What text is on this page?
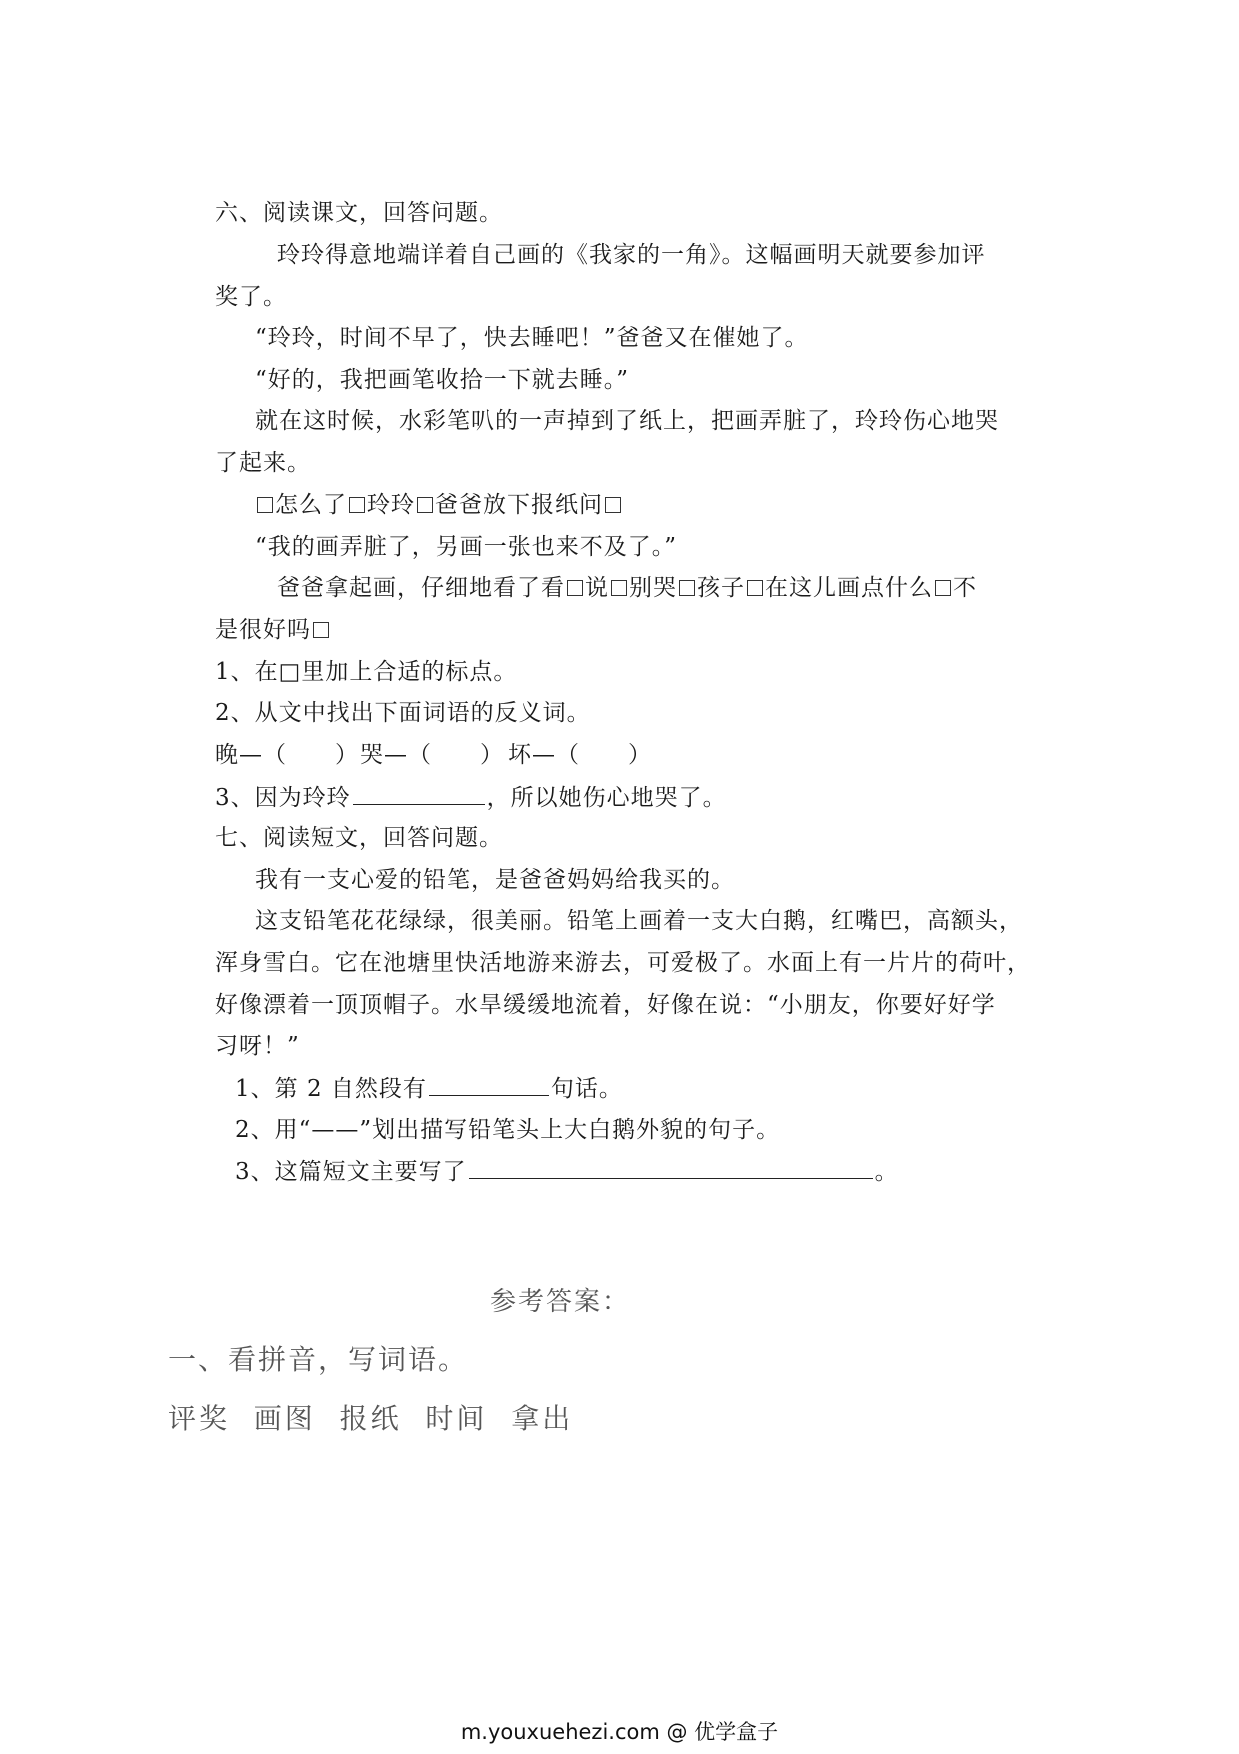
六、阅读课文，回答问题。
玲玲得意地端详着自己画的《我家的一角》。这幅画明天就要参加评
奖了。
“玲玲，时间不早了，快去睡吧！”爸爸又在催她了。
“好的，我把画笔收拾一下就去睡。”
就在这时候，水彩笔叭的一声掉到了纸上，把画弄脏了，玲玲伤心地哭
了起来。
怎么了 玲玲 爸爸放下报纸问
“我的画弄脏了，另画一张也来不及了。”
爸爸拿起画，仔细地看了看 说 别哭 孩子 在这儿画点什么 不
是很好吗
1、在□里加上合适的标点。
2、从文中找出下面词语的反义词。
晚—（　　） 哭—（　　） 坏—（　　）
3、因为玲玲	，所以她伤心地哭了。
七、阅读短文，回答问题。
我有一支心爱的铅笔，是爸爸妈妈给我买的。
这支铅笔花花绿绿，很美丽。铅笔上画着一支大白鹅，红嘴巴，高额头，
浑身雪白。它在池塘里快活地游来游去，可爱极了。水面上有一片片的荷叶，
好像漂着一顶顶帽子。水旱缓缓地流着，好像在说：“小朋友，你要好好学
习呀！”
1、第 2 自然段有	句话。
2、用“——”划出描写铅笔头上大白鹅外貌的句子。
3、这篇短文主要写了	。
参考答案：
一、看拼音，写词语。
评奖  画图  报纸  时间  拿出
m.youxuehezi.com @ 优学盒子
